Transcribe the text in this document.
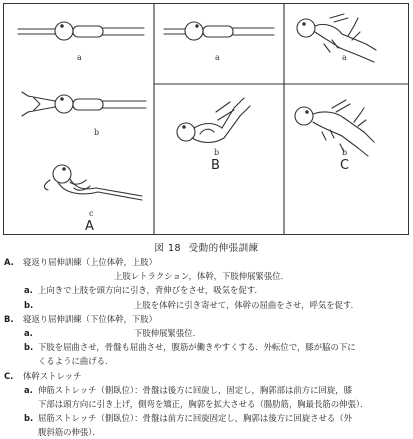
a
b
c
A
a
b
B
a
b
C
図 18 受動的伸張訓練
A. 寝返り屈伸訓練（上位体幹，上肢）
上肢レトラクション，体幹，下肢伸展緊張位．
a. 上向きで上肢を頭方向に引き，背伸びをさせ，吸気を促す．
b.	上肢を体幹に引き寄せて，体幹の屈曲をさせ，呼気を促す．
B. 寝返り屈伸訓練（下位体幹，下肢）
a.	下肢伸展緊張位．
b. 下肢を屈曲させ，骨盤も屈曲させ，腹筋が働きやすくする．外転位で，膝が脇の下に
くるように曲げる．
C. 体幹ストレッチ
a. 伸筋ストレッチ（側臥位）：骨盤は後方に回旋し，固定し，胸郭部は前方に回旋，膝
下部は頭方向に引き上げ，側弯を矯正，胸郭を拡大させる（腸肋筋，胸最長筋の伸張）．
b. 屈筋ストレッチ（側臥位）：骨盤は前方に回旋固定し，胸郭は後方に回旋させる（外
腹斜筋の伸張）．
